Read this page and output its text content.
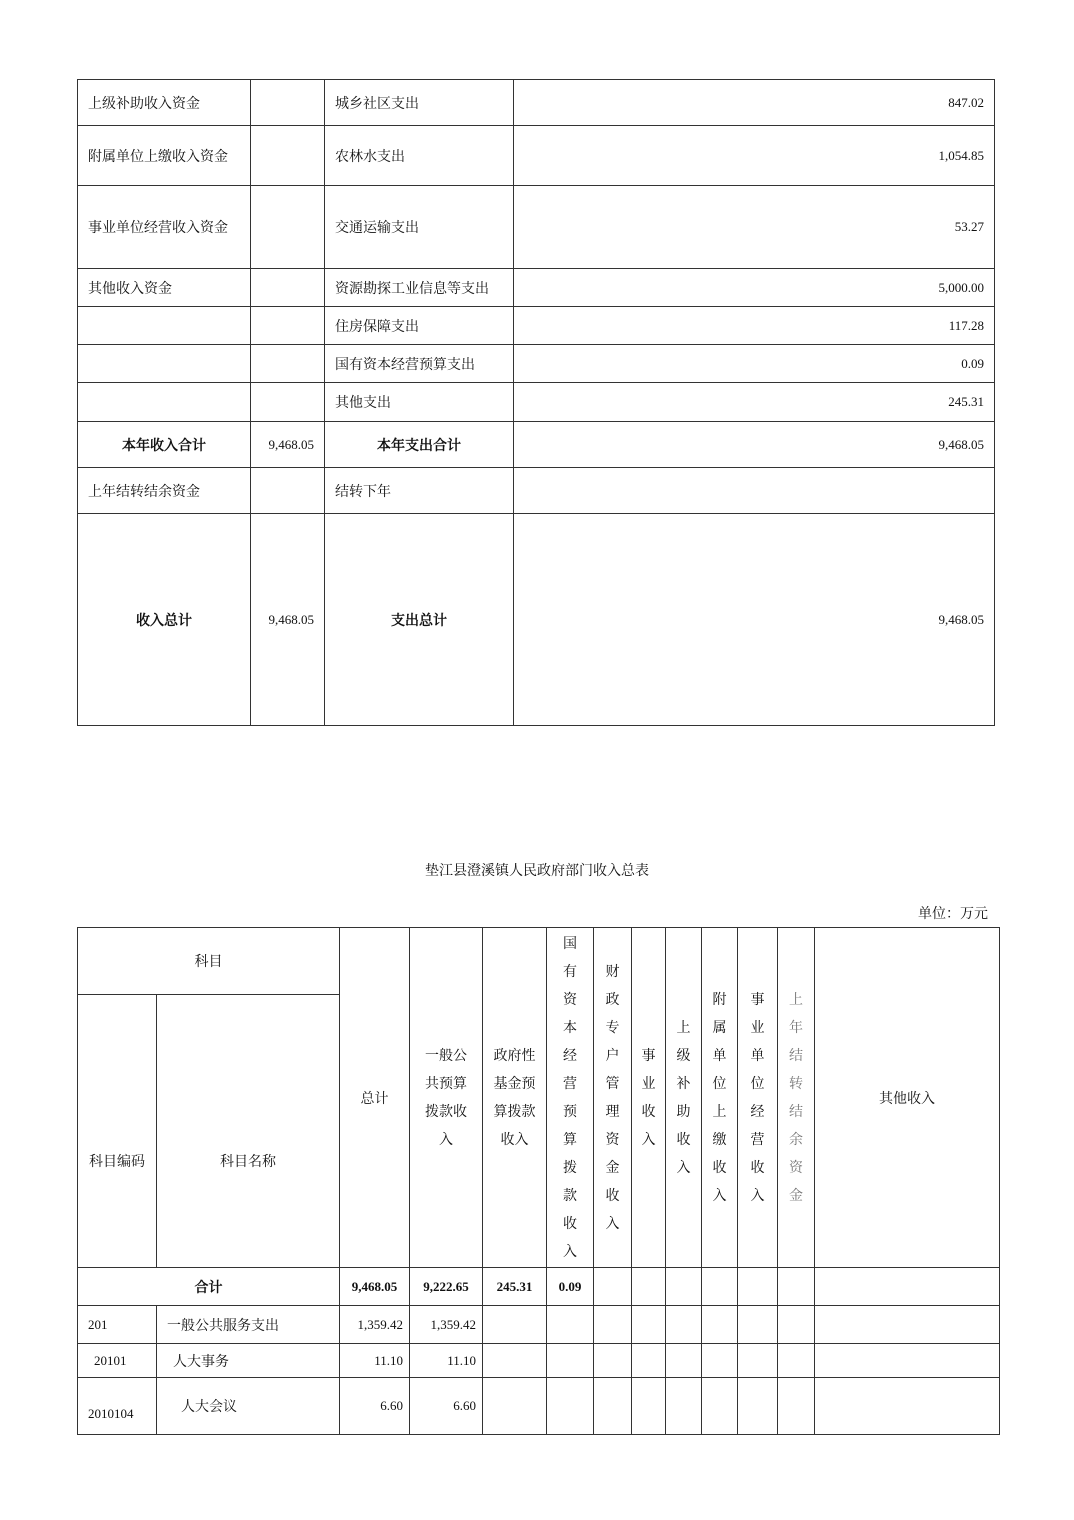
上级补助收入资金		城乡社区支出	847.02
附属单位上缴收入资金		农林水支出	1,054.85
事业单位经营收入资金		交通运输支出	53.27
其他收入资金		资源勘探工业信息等支出	5,000.00
		住房保障支出	117.28
		国有资本经营预算支出	0.09
		其他支出	245.31
本年收入合计	9,468.05	本年支出合计	9,468.05
上年结转结余资金		结转下年	
收入总计	9,468.05	支出总计	9,468.05
垫江县澄溪镇人民政府部门收入总表
单位：万元
科目		总计	一般公共预算拨款收入	政府性基金预算拨款收入	国有资本经营预算拨款收入	财政专户管理资金收入	事业收入	上级补助收入	附属单位上缴收入	事业单位经营收入	上年结转结余资金	其他收入
科目编码	科目名称											
合计		9,468.05	9,222.65	245.31	0.09							
201	一般公共服务支出	1,359.42	1,359.42									
20101	人大事务	11.10	11.10									
2010104	人大会议	6.60	6.60									
